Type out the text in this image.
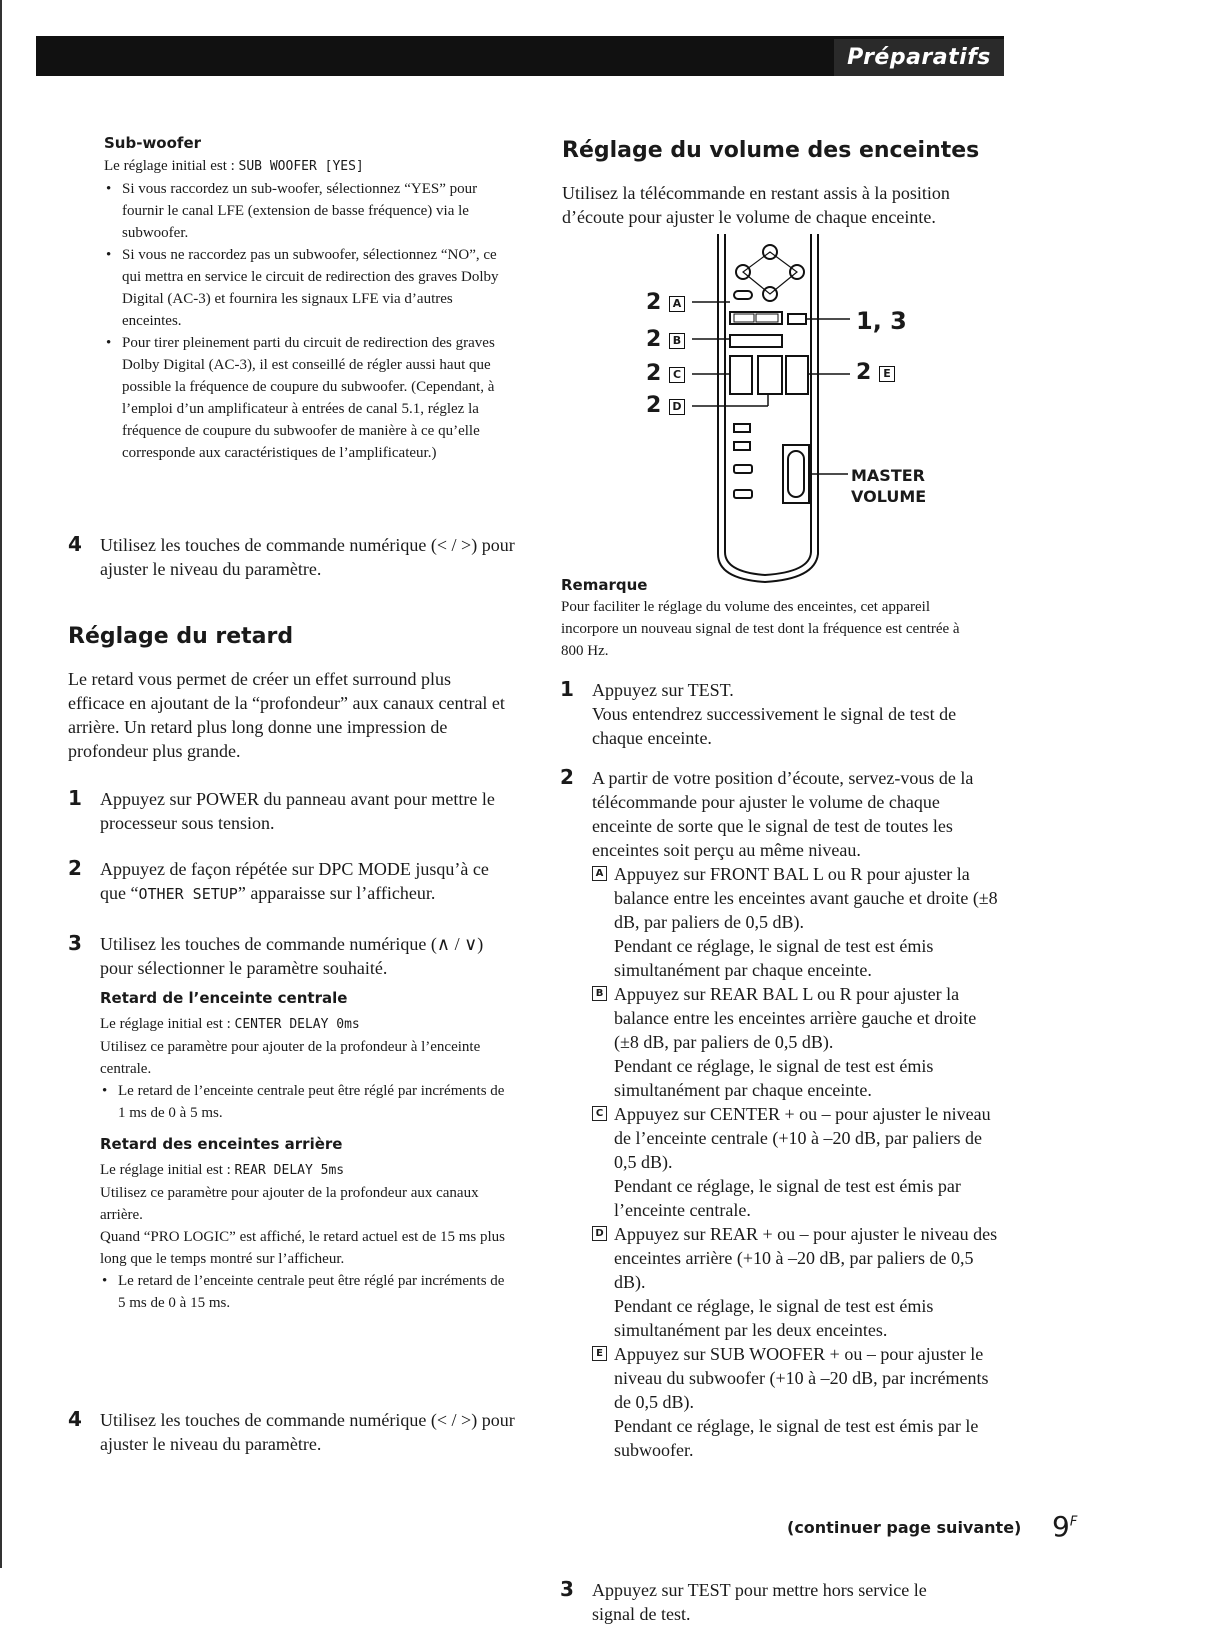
Préparatifs

Sub-woofer

Le réglage initial est : SUB WOOFER [YES]

• Si vous raccordez un sub-woofer, sélectionnez “YES” pour fournir le canal LFE (extension de basse fréquence) via le subwoofer.
• Si vous ne raccordez pas un subwoofer, sélectionnez “NO”, ce qui mettra en service le circuit de redirection des graves Dolby Digital (AC-3) et fournira les signaux LFE via d’autres enceintes.
• Pour tirer pleinement parti du circuit de redirection des graves Dolby Digital (AC-3), il est conseillé de régler aussi haut que possible la fréquence de coupure du subwoofer. (Cependant, à l’emploi d’un amplificateur à entrées de canal 5.1, réglez la fréquence de coupure du subwoofer de manière à ce qu’elle corresponde aux caractéristiques de l’amplificateur.)
4 Utilisez les touches de commande numérique (< / >) pour ajuster le niveau du paramètre.
Réglage du retard

Le retard vous permet de créer un effet surround plus efficace en ajoutant de la “profondeur” aux canaux central et arrière. Un retard plus long donne une impression de profondeur plus grande.

1 Appuyez sur POWER du panneau avant pour mettre le processeur sous tension.
2 Appuyez de façon répétée sur DPC MODE jusqu’à ce que “OTHER SETUP” apparaisse sur l’afficheur.
3 Utilisez les touches de commande numérique (∧ / ∨) pour sélectionner le paramètre souhaité.

Retard de l’enceinte centrale

Le réglage initial est : CENTER DELAY 0ms

Utilisez ce paramètre pour ajouter de la profondeur à l’enceinte centrale.

• Le retard de l’enceinte centrale peut être réglé par incréments de 1 ms de 0 à 5 ms.

Retard des enceintes arrière

Le réglage initial est : REAR DELAY 5ms

Utilisez ce paramètre pour ajouter de la profondeur aux canaux arrière.

Quand “PRO LOGIC” est affiché, le retard actuel est de 15 ms plus long que le temps montré sur l’afficheur.

• Le retard de l’enceinte centrale peut être réglé par incréments de 5 ms de 0 à 15 ms.
4 Utilisez les touches de commande numérique (< / >) pour ajuster le niveau du paramètre.
Réglage du volume des enceintes

Utilisez la télécommande en restant assis à la position d’écoute pour ajuster le volume de chaque enceinte.

2 A
2 B
2 C
2 D
1, 3
2 E
MASTER
VOLUME

Remarque

Pour faciliter le réglage du volume des enceintes, cet appareil incorpore un nouveau signal de test dont la fréquence est centrée à 800 Hz.

1 Appuyez sur TEST.
Vous entendrez successivement le signal de test de chaque enceinte.
2 A partir de votre position d’écoute, servez-vous de la télécommande pour ajuster le volume de chaque enceinte de sorte que le signal de test de toutes les enceintes soit perçu au même niveau.
A Appuyez sur FRONT BAL L ou R pour ajuster la balance entre les enceintes avant gauche et droite (±8 dB, par paliers de 0,5 dB).
Pendant ce réglage, le signal de test est émis simultanément par chaque enceinte.
B Appuyez sur REAR BAL L ou R pour ajuster la balance entre les enceintes arrière gauche et droite (±8 dB, par paliers de 0,5 dB).
Pendant ce réglage, le signal de test est émis simultanément par chaque enceinte.
C Appuyez sur CENTER + ou – pour ajuster le niveau de l’enceinte centrale (+10 à –20 dB, par paliers de 0,5 dB).
Pendant ce réglage, le signal de test est émis par l’enceinte centrale.
D Appuyez sur REAR + ou – pour ajuster le niveau des enceintes arrière (+10 à –20 dB, par paliers de 0,5 dB).
Pendant ce réglage, le signal de test est émis simultanément par les deux enceintes.
E Appuyez sur SUB WOOFER + ou – pour ajuster le niveau du subwoofer (+10 à –20 dB, par incréments de 0,5 dB).
Pendant ce réglage, le signal de test est émis par le subwoofer.
3 Appuyez sur TEST pour mettre hors service le signal de test.
(continuer page suivante) $9^F$
